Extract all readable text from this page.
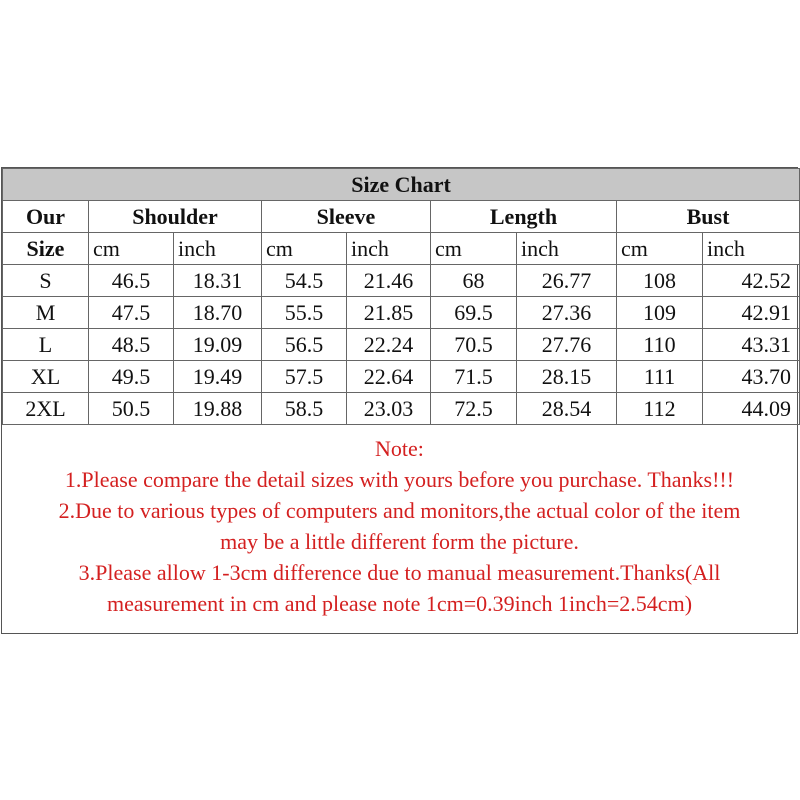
Size Chart								
Our	Shoulder		Sleeve		Length		Bust	
Size	cm	inch	cm	inch	cm	inch	cm	inch
S	46.5	18.31	54.5	21.46	68	26.77	108	42.52
M	47.5	18.70	55.5	21.85	69.5	27.36	109	42.91
L	48.5	19.09	56.5	22.24	70.5	27.76	110	43.31
XL	49.5	19.49	57.5	22.64	71.5	28.15	111	43.70
2XL	50.5	19.88	58.5	23.03	72.5	28.54	112	44.09
Note:
1.Please compare the detail sizes with yours before you purchase. Thanks!!!
2.Due to various types of computers and monitors,the actual color of the item
may be a little different form the picture.
3.Please allow 1-3cm difference due to manual measurement.Thanks(All
measurement in cm and please note 1cm=0.39inch 1inch=2.54cm)
